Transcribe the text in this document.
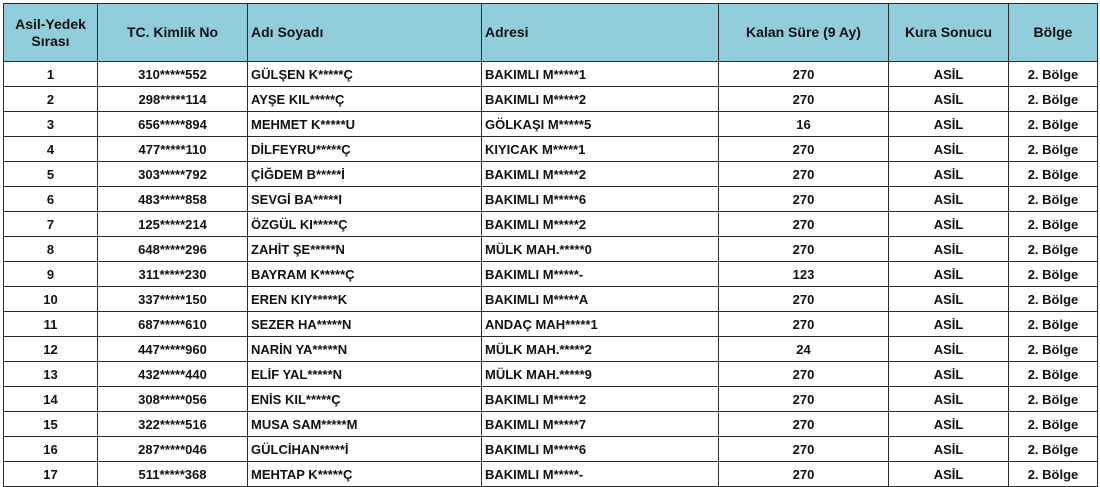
Asil-Yedek Sırası	TC. Kimlik No	Adı Soyadı	Adresi	Kalan Süre (9 Ay)	Kura Sonucu	Bölge
1	310*****552	GÜLŞEN K*****Ç	BAKIMLI M*****1	270	ASİL	2. Bölge
2	298*****114	AYŞE KIL*****Ç	BAKIMLI M*****2	270	ASİL	2. Bölge
3	656*****894	MEHMET K*****U	GÖLKAŞI M*****5	16	ASİL	2. Bölge
4	477*****110	DİLFEYRU*****Ç	KIYICAK M*****1	270	ASİL	2. Bölge
5	303*****792	ÇİĞDEM B*****İ	BAKIMLI M*****2	270	ASİL	2. Bölge
6	483*****858	SEVGİ BA*****I	BAKIMLI M*****6	270	ASİL	2. Bölge
7	125*****214	ÖZGÜL KI*****Ç	BAKIMLI M*****2	270	ASİL	2. Bölge
8	648*****296	ZAHİT ŞE*****N	MÜLK MAH.*****0	270	ASİL	2. Bölge
9	311*****230	BAYRAM K*****Ç	BAKIMLI M*****-	123	ASİL	2. Bölge
10	337*****150	EREN KIY*****K	BAKIMLI M*****A	270	ASİL	2. Bölge
11	687*****610	SEZER HA*****N	ANDAÇ MAH*****1	270	ASİL	2. Bölge
12	447*****960	NARİN YA*****N	MÜLK MAH.*****2	24	ASİL	2. Bölge
13	432*****440	ELİF YAL*****N	MÜLK MAH.*****9	270	ASİL	2. Bölge
14	308*****056	ENİS KIL*****Ç	BAKIMLI M*****2	270	ASİL	2. Bölge
15	322*****516	MUSA SAM*****M	BAKIMLI M*****7	270	ASİL	2. Bölge
16	287*****046	GÜLCİHAN*****İ	BAKIMLI M*****6	270	ASİL	2. Bölge
17	511*****368	MEHTAP K*****Ç	BAKIMLI M*****-	270	ASİL	2. Bölge
